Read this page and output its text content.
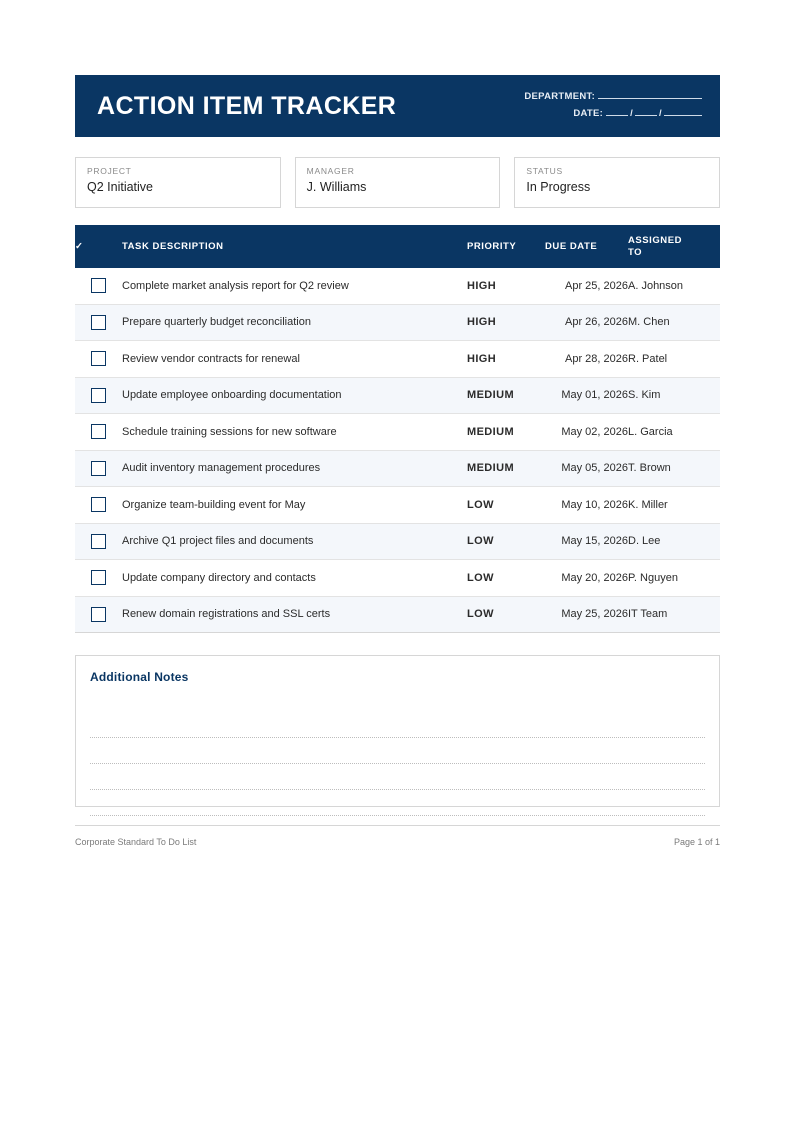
ACTION ITEM TRACKER	DEPARTMENT:
DATE:	/	/
PROJECT
Q2 Initiative
MANAGER
J. Williams
STATUS
In Progress
✓	TASK DESCRIPTION	PRIORITY	DUE DATE	ASSIGNED
TO
	Complete market analysis report for Q2 review	HIGH	Apr 25, 2026	A. Johnson
	Prepare quarterly budget reconciliation	HIGH	Apr 26, 2026	M. Chen
	Review vendor contracts for renewal	HIGH	Apr 28, 2026	R. Patel
	Update employee onboarding documentation	MEDIUM	May 01, 2026	S. Kim
	Schedule training sessions for new software	MEDIUM	May 02, 2026	L. Garcia
	Audit inventory management procedures	MEDIUM	May 05, 2026	T. Brown
	Organize team-building event for May	LOW	May 10, 2026	K. Miller
	Archive Q1 project files and documents	LOW	May 15, 2026	D. Lee
	Update company directory and contacts	LOW	May 20, 2026	P. Nguyen
	Renew domain registrations and SSL certs	LOW	May 25, 2026	IT Team
Additional Notes
Corporate Standard To Do List	Page 1 of 1
